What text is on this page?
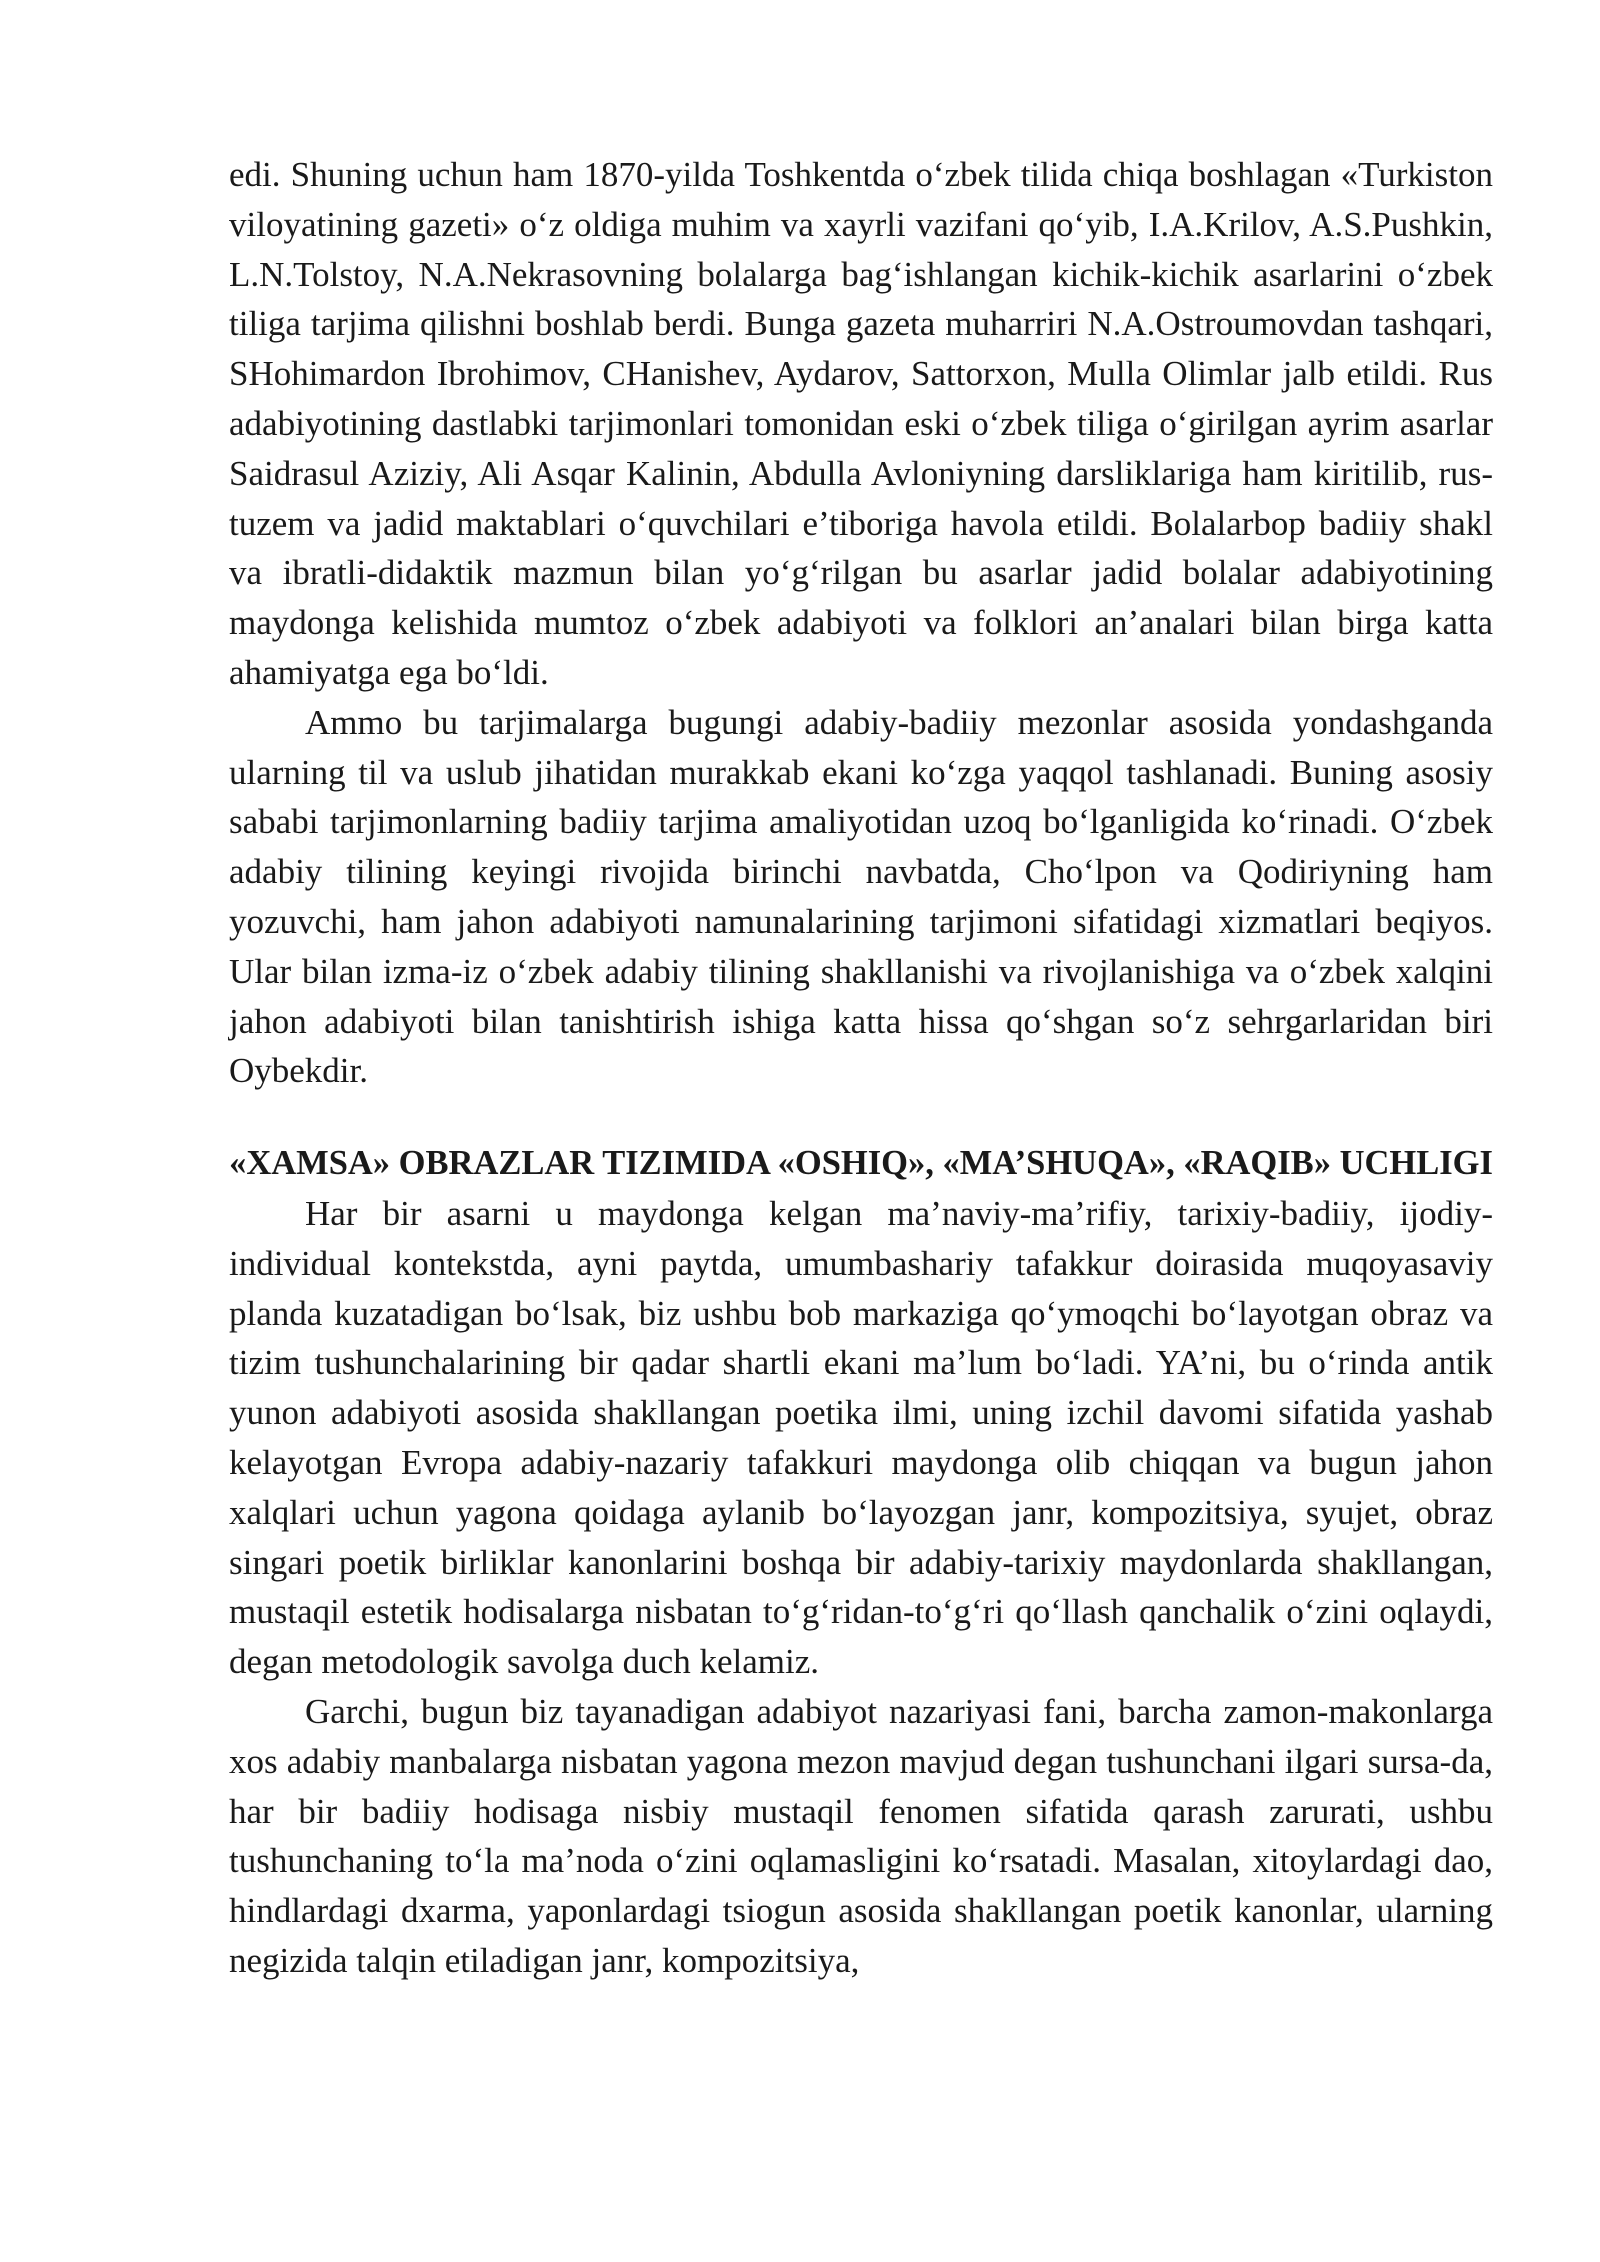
edi. Shuning uchun ham 1870-yilda Toshkentda o‘zbek tilida chiqa boshlagan «Turkiston viloyatining gazeti» o‘z oldiga muhim va xayrli vazifani qo‘yib, I.A.Krilov, A.S.Pushkin, L.N.Tolstoy, N.A.Nekrasovning bolalarga bag‘ishlangan kichik-kichik asarlarini o‘zbek tiliga tarjima qilishni boshlab berdi. Bunga gazeta muharriri N.A.Ostroumovdan tashqari, SHohimardon Ibrohimov, CHanishev, Aydarov, Sattorxon, Mulla Olimlar jalb etildi. Rus adabiyotining dastlabki tarjimonlari tomonidan eski o‘zbek tiliga o‘girilgan ayrim asarlar Saidrasul Aziziy, Ali Asqar Kalinin, Abdulla Avloniyning darsliklariga ham kiritilib, rus-tuzem va jadid maktablari o‘quvchilari e’tiboriga havola etildi. Bolalarbop badiiy shakl va ibratli-didaktik mazmun bilan yo‘g‘rilgan bu asarlar jadid bolalar adabiyotining maydonga kelishida mumtoz o‘zbek adabiyoti va folklori an’analari bilan birga katta ahamiyatga ega bo‘ldi.

Ammo bu tarjimalarga bugungi adabiy-badiiy mezonlar asosida yondashganda ularning til va uslub jihatidan murakkab ekani ko‘zga yaqqol tashlanadi. Buning asosiy sababi tarjimonlarning badiiy tarjima amaliyotidan uzoq bo‘lganligida ko‘rinadi. O‘zbek adabiy tilining keyingi rivojida birinchi navbatda, Cho‘lpon va Qodiriyning ham yozuvchi, ham jahon adabiyoti namunalarining tarjimoni sifatidagi xizmatlari beqiyos. Ular bilan izma-iz o‘zbek adabiy tilining shakllanishi va rivojlanishiga va o‘zbek xalqini jahon adabiyoti bilan tanishtirish ishiga katta hissa qo‘shgan so‘z sehrgarlaridan biri Oybekdir.

«XAMSA» OBRAZLAR TIZIMIDA «OSHIQ», «MA’SHUQA», «RAQIB» UCHLIGI

Har bir asarni u maydonga kelgan ma’naviy-ma’rifiy, tarixiy-badiiy, ijodiy-individual kontekstda, ayni paytda, umumbashariy tafakkur doirasida muqoyasaviy planda kuzatadigan bo‘lsak, biz ushbu bob markaziga qo‘ymoqchi bo‘layotgan obraz va tizim tushunchalarining bir qadar shartli ekani ma’lum bo‘ladi. YA’ni, bu o‘rinda antik yunon adabiyoti asosida shakllangan poetika ilmi, uning izchil davomi sifatida yashab kelayotgan Evropa adabiy-nazariy tafakkuri maydonga olib chiqqan va bugun jahon xalqlari uchun yagona qoidaga aylanib bo‘layozgan janr, kompozitsiya, syujet, obraz singari poetik birliklar kanonlarini boshqa bir adabiy-tarixiy maydonlarda shakllangan, mustaqil estetik hodisalarga nisbatan to‘g‘ridan-to‘g‘ri qo‘llash qanchalik o‘zini oqlaydi, degan metodologik savolga duch kelamiz.

Garchi, bugun biz tayanadigan adabiyot nazariyasi fani, barcha zamon-makonlarga xos adabiy manbalarga nisbatan yagona mezon mavjud degan tushunchani ilgari sursa-da, har bir badiiy hodisaga nisbiy mustaqil fenomen sifatida qarash zarurati, ushbu tushunchaning to‘la ma’noda o‘zini oqlamasligini ko‘rsatadi. Masalan, xitoylardagi dao, hindlardagi dxarma, yaponlardagi tsiogun asosida shakllangan poetik kanonlar, ularning negizida talqin etiladigan janr, kompozitsiya,
